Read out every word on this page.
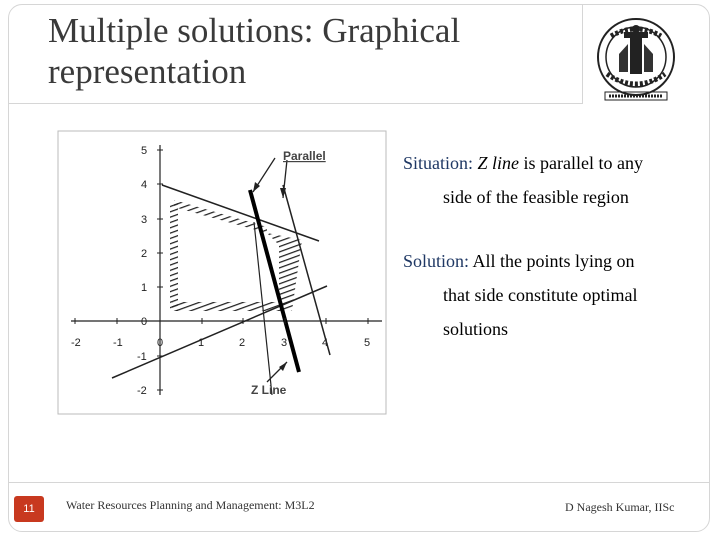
Multiple solutions: Graphical
representation
Parallel
Z Line
-2	-1	0	1	2	3	4	5
5
4
3
2
1
0
-1
-2

Situation: Z line is parallel to any
side of the feasible region

Solution: All the points lying on
that side constitute optimal
solutions

11	Water Resources Planning and Management: M3L2	D Nagesh Kumar, IISc
